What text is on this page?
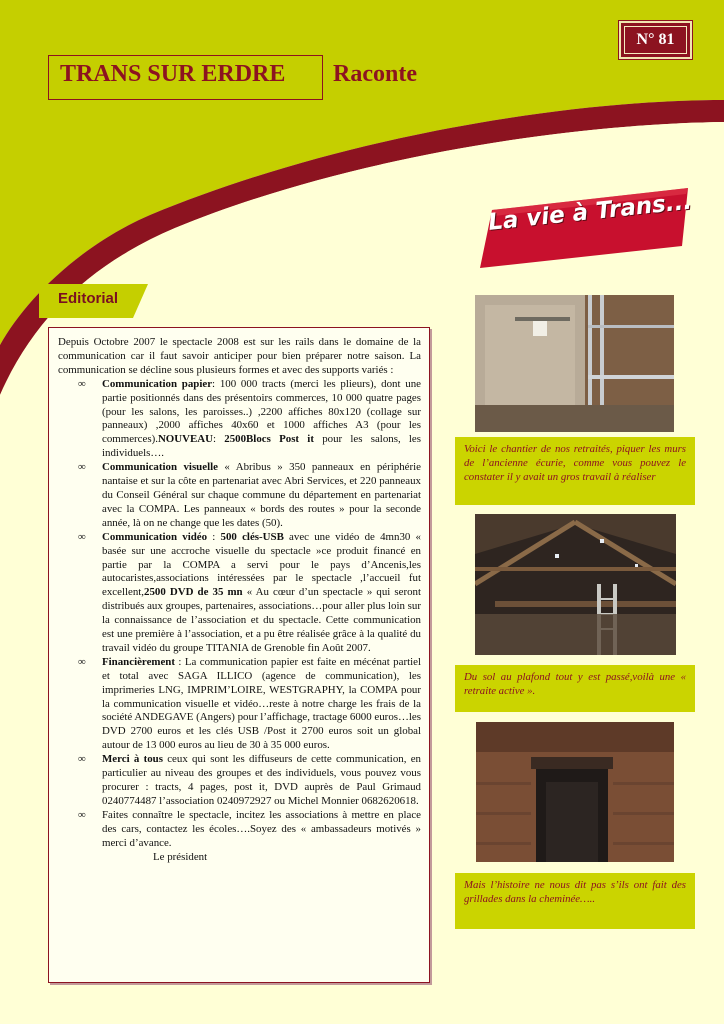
N° 81
TRANS SUR ERDRE Raconte
La vie à Trans...
Editorial

Depuis Octobre 2007 le spectacle 2008 est sur les rails dans le domaine de la communication car il faut savoir anticiper pour bien préparer notre saison. La communication se décline sous plusieurs formes et avec des supports variés :

∞ Communication papier: 100 000 tracts (merci les plieurs), dont une partie positionnés dans des présentoirs commerces, 10 000 quatre pages (pour les salons, les paroisses..) ,2200 affiches 80x120 (collage sur panneaux) ,2000 affiches 40x60 et 1000 affiches A3 (pour les commerces).NOUVEAU: 2500Blocs Post it pour les salons, les individuels….
∞ Communication visuelle « Abribus » 350 panneaux en périphérie nantaise et sur la côte en partenariat avec Abri Services, et 220 panneaux du Conseil Général sur chaque commune du département en partenariat avec la COMPA. Les panneaux « bords des routes » pour la seconde année, là on ne change que les dates (50).
∞ Communication vidéo : 500 clés-USB avec une vidéo de 4mn30 « basée sur une accroche visuelle du spectacle »ce produit financé en partie par la COMPA a servi pour le pays d’Ancenis,les autocaristes,associations intéressées par le spectacle ,l’accueil fut excellent,2500 DVD de 35 mn « Au cœur d’un spectacle » qui seront distribués aux groupes, partenaires, associations…pour aller plus loin sur la connaissance de l’association et du spectacle. Cette communication est une première à l’association, et a pu être réalisée grâce à la qualité du travail vidéo du groupe TITANIA de Grenoble fin Août 2007.
∞ Financièrement : La communication papier est faite en mécénat partiel et total avec SAGA ILLICO (agence de communication), les imprimeries LNG, IMPRIM’LOIRE, WESTGRAPHY, la COMPA pour la communication visuelle et vidéo…reste à notre charge les frais de la société ANDEGAVE (Angers) pour l’affichage, tractage 6000 euros…les DVD 2700 euros et les clés USB /Post it 2700 euros soit un global autour de 13 000 euros au lieu de 30 à 35 000 euros.
∞ Merci à tous ceux qui sont les diffuseurs de cette communication, en particulier au niveau des groupes et des individuels, vous pouvez vous procurer : tracts, 4 pages, post it, DVD auprès de Paul Grimaud 0240774487 l’association 0240972927 ou Michel Monnier 0682620618.
∞ Faites connaître le spectacle, incitez les associations à mettre en place des cars, contactez les écoles….Soyez des « ambassadeurs motivés » merci d’avance.

Le président

Voici le chantier de nos retraités, piquer les murs de l’ancienne écurie, comme vous pouvez le constater il y avait un gros travail à réaliser
Du sol au plafond tout y est passé,voilà une « retraite active ».
Mais l’histoire ne nous dit pas s’ils ont fait des grillades dans la cheminée…..
